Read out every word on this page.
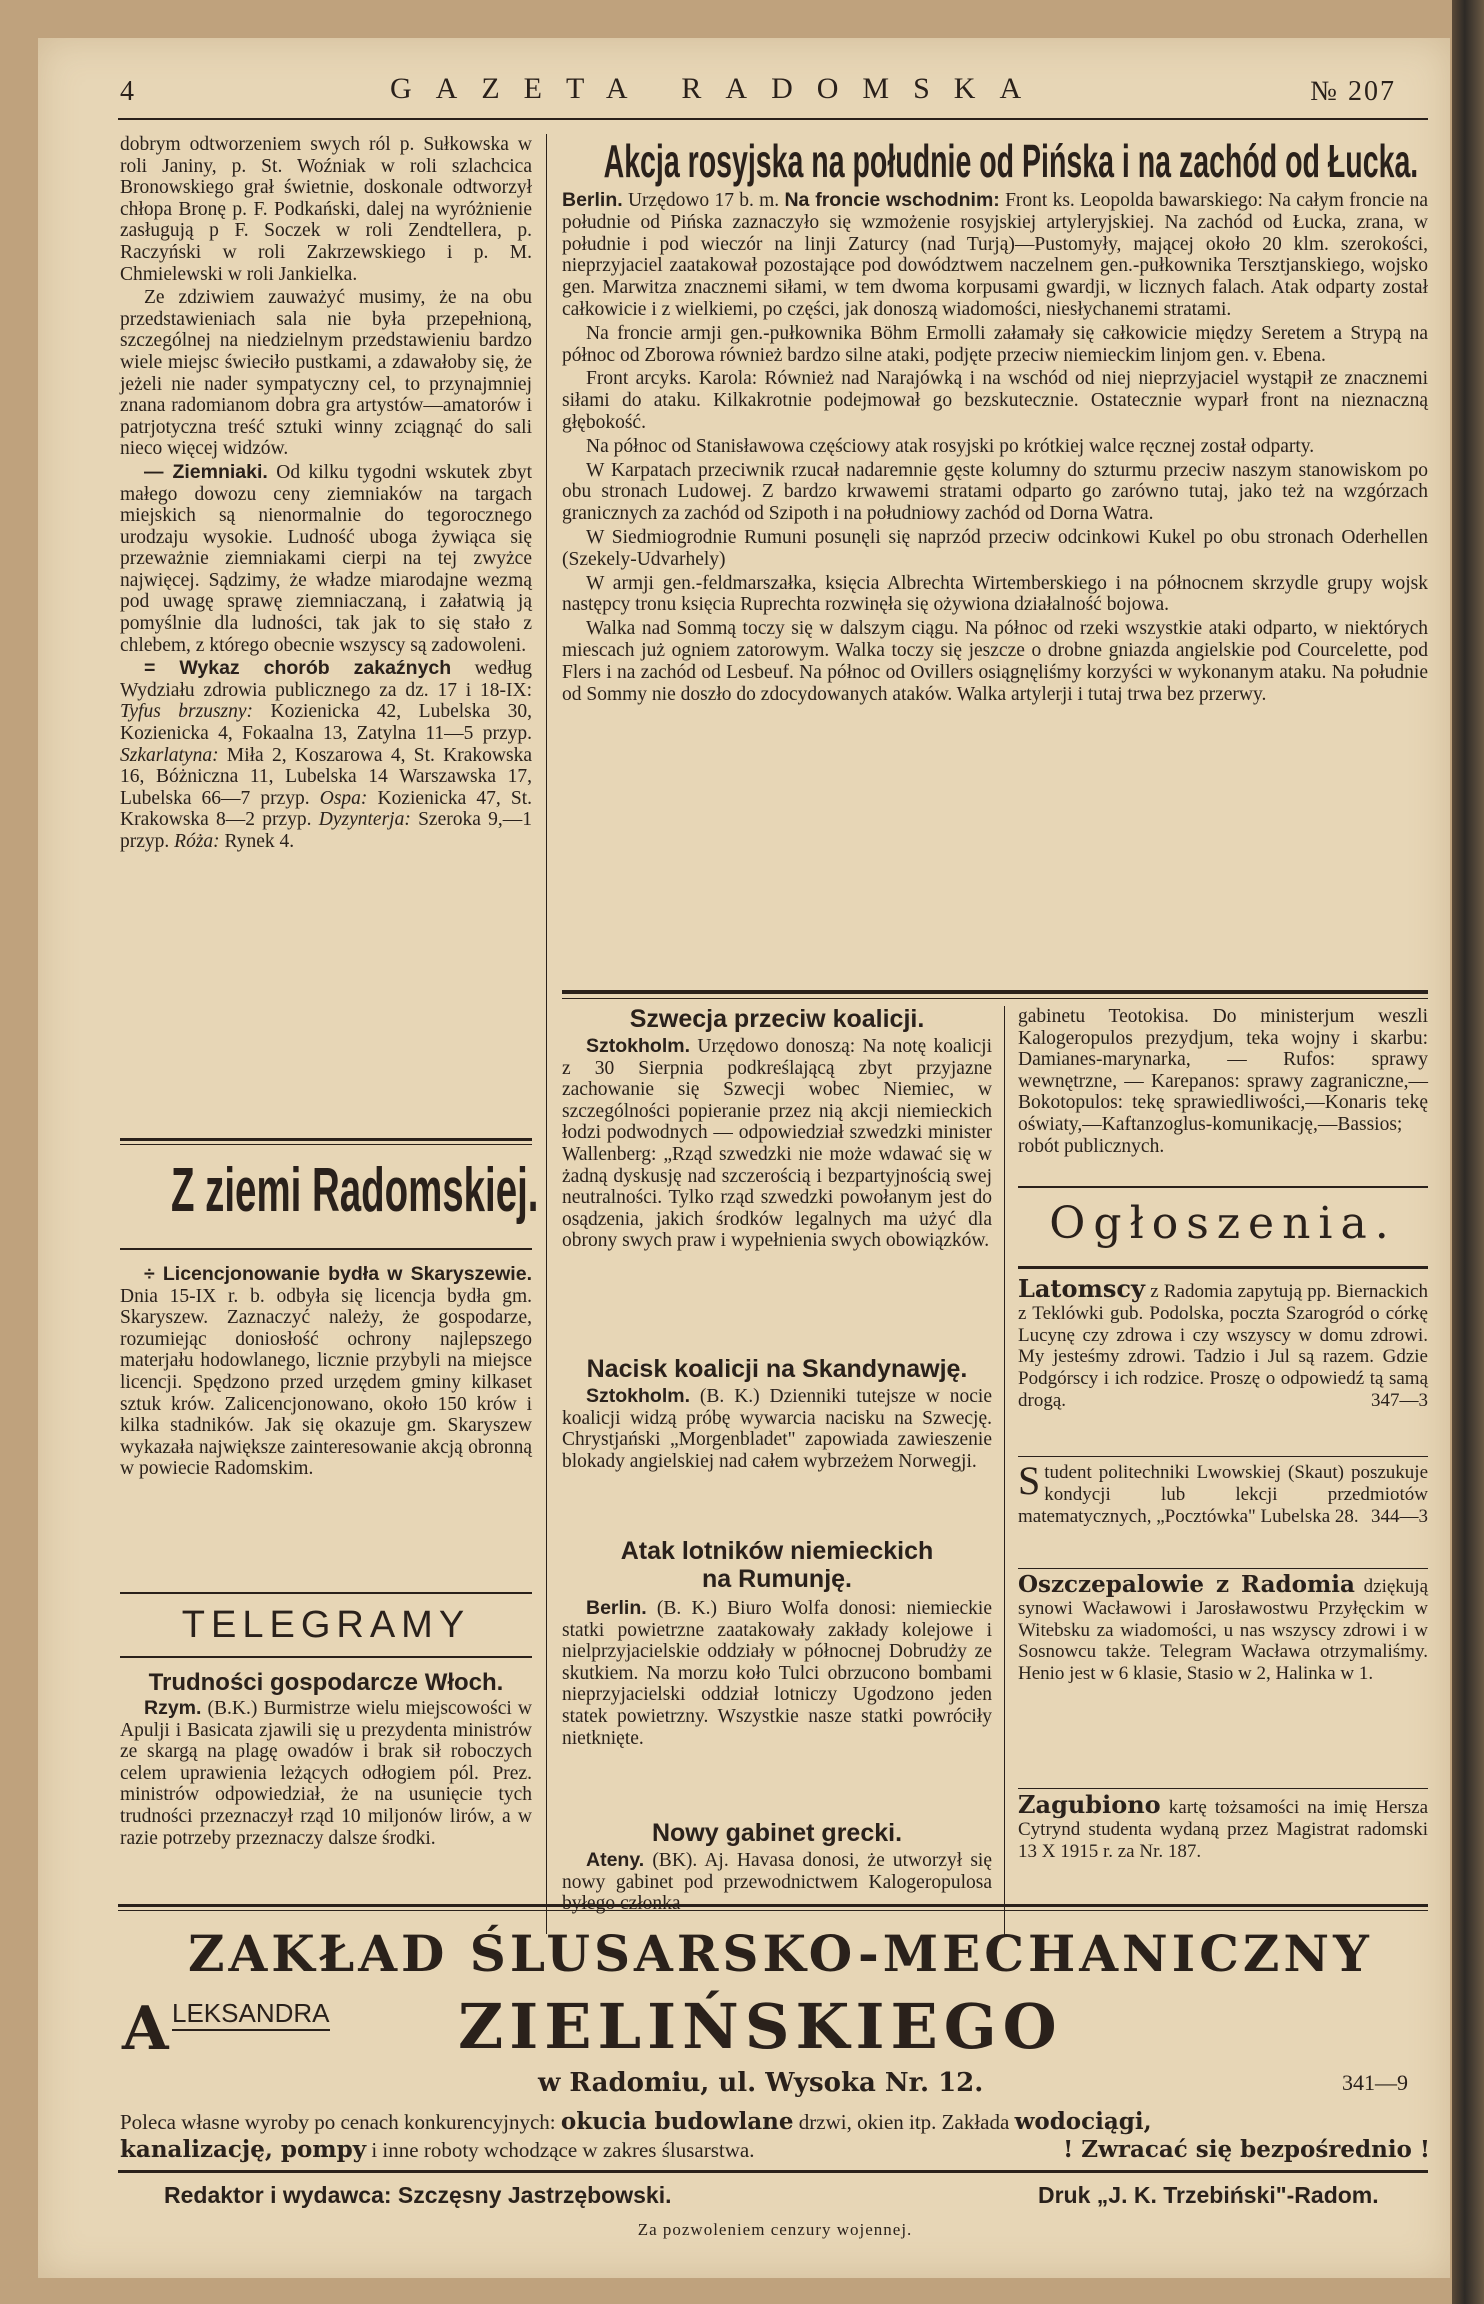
4	GAZETA RADOMSKA	№ 207

dobrym odtworzeniem swych ról p. Sułkowska w roli Janiny, p. St. Woźniak w roli szlachcica Bronowskiego grał świetnie, doskonale odtworzył chłopa Bronę p. F. Podkański, dalej na wyróżnienie zasługują p F. Soczek w roli Zendtellera, p. Raczyński w roli Zakrzewskiego i p. M. Chmielewski w roli Jankielka.

Ze zdziwiem zauważyć musimy, że na obu przedstawieniach sala nie była przepełnioną, szczególnej na niedzielnym przedstawieniu bardzo wiele miejsc świeciło pustkami, a zdawałoby się, że jeżeli nie nader sympatyczny cel, to przynajmniej znana radomianom dobra gra artystów—amatorów i patrjotyczna treść sztuki winny zciągnąć do sali nieco więcej widzów.

— Ziemniaki. Od kilku tygodni wskutek zbyt małego dowozu ceny ziemniaków na targach miejskich są nienormalnie do tegorocznego urodzaju wysokie. Ludność uboga żywiąca się przeważnie ziemniakami cierpi na tej zwyżce najwięcej. Sądzimy, że władze miarodajne wezmą pod uwagę sprawę ziemniaczaną, i załatwią ją pomyślnie dla ludności, tak jak to się stało z chlebem, z którego obecnie wszyscy są zadowoleni.

= Wykaz chorób zakaźnych według Wydziału zdrowia publicznego za dz. 17 i 18-IX: Tyfus brzuszny: Kozienicka 42, Lubelska 30, Kozienicka 4, Fokaalna 13, Zatylna 11—5 przyp. Szkarlatyna: Miła 2, Koszarowa 4, St. Krakowska 16, Bóżniczna 11, Lubelska 14 Warszawska 17, Lubelska 66—7 przyp. Ospa: Kozienicka 47, St. Krakowska 8—2 przyp. Dyzynterja: Szeroka 9,—1 przyp. Róża: Rynek 4.

Z ziemi Radomskiej.

÷ Licencjonowanie bydła w Skaryszewie. Dnia 15-IX r. b. odbyła się licencja bydła gm. Skaryszew. Zaznaczyć należy, że gospodarze, rozumiejąc doniosłość ochrony najlepszego materjału hodowlanego, licznie przybyli na miejsce licencji. Spędzono przed urzędem gminy kilkaset sztuk krów. Zalicencjonowano, około 150 krów i kilka stadników. Jak się okazuje gm. Skaryszew wykazała największe zainteresowanie akcją obronną w powiecie Radomskim.

TELEGRAMY
Trudności gospodarcze Włoch.

Rzym. (B.K.) Burmistrze wielu miejscowości w Apulji i Basicata zjawili się u prezydenta ministrów ze skargą na plagę owadów i brak sił roboczych celem uprawienia leżących odłogiem pól. Prez. ministrów odpowiedział, że na usunięcie tych trudności przeznaczył rząd 10 miljonów lirów, a w razie potrzeby przeznaczy dalsze środki.

Akcja rosyjska na południe od Pińska i na zachód od Łucka.

Berlin. Urzędowo 17 b. m. Na froncie wschodnim: Front ks. Leopolda bawarskiego: Na całym froncie na południe od Pińska zaznaczyło się wzmożenie rosyjskiej artyleryjskiej. Na zachód od Łucka, zrana, w południe i pod wieczór na linji Zaturcy (nad Turją)—Pustomyły, mającej około 20 klm. szerokości, nieprzyjaciel zaatakował pozostające pod dowództwem naczelnem gen.-pułkownika Tersztjanskiego, wojsko gen. Marwitza znacznemi siłami, w tem dwoma korpusami gwardji, w licznych falach. Atak odparty został całkowicie i z wielkiemi, po części, jak donoszą wiadomości, niesłychanemi stratami.

Na froncie armji gen.-pułkownika Böhm Ermolli załamały się całkowicie między Seretem a Strypą na północ od Zborowa również bardzo silne ataki, podjęte przeciw niemieckim linjom gen. v. Ebena.

Front arcyks. Karola: Również nad Narajówką i na wschód od niej nieprzyjaciel wystąpił ze znacznemi siłami do ataku. Kilkakrotnie podejmował go bezskutecznie. Ostatecznie wyparł front na nieznaczną głębokość.

Na północ od Stanisławowa częściowy atak rosyjski po krótkiej walce ręcznej został odparty.

W Karpatach przeciwnik rzucał nadaremnie gęste kolumny do szturmu przeciw naszym stanowiskom po obu stronach Ludowej. Z bardzo krwawemi stratami odparto go zarówno tutaj, jako też na wzgórzach granicznych za zachód od Szipoth i na południowy zachód od Dorna Watra.

W Siedmiogrodnie Rumuni posunęli się naprzód przeciw odcinkowi Kukel po obu stronach Oderhellen (Szekely-Udvarhely)

W armji gen.-feldmarszałka, księcia Albrechta Wirtemberskiego i na północnem skrzydle grupy wojsk następcy tronu księcia Ruprechta rozwinęła się ożywiona działalność bojowa.

Walka nad Sommą toczy się w dalszym ciągu. Na północ od rzeki wszystkie ataki odparto, w niektórych miescach już ogniem zatorowym. Walka toczy się jeszcze o drobne gniazda angielskie pod Courcelette, pod Flers i na zachód od Lesbeuf. Na północ od Ovillers osiągnęliśmy korzyści w wykonanym ataku. Na południe od Sommy nie doszło do zdocydowanych ataków. Walka artylerji i tutaj trwa bez przerwy.

Szwecja przeciw koalicji.

Sztokholm. Urzędowo donoszą: Na notę koalicji z 30 Sierpnia podkreślającą zbyt przyjazne zachowanie się Szwecji wobec Niemiec, w szczególności popieranie przez nią akcji niemieckich łodzi podwodnych — odpowiedział szwedzki minister Wallenberg: „Rząd szwedzki nie może wdawać się w żadną dyskusję nad szczerością i bezpartyjnością swej neutralności. Tylko rząd szwedzki powołanym jest do osądzenia, jakich środków legalnych ma użyć dla obrony swych praw i wypełnienia swych obowiązków.

Nacisk koalicji na Skandynawję.

Sztokholm. (B. K.) Dzienniki tutejsze w nocie koalicji widzą próbę wywarcia nacisku na Szwecję. Chrystjański „Morgenbladet" zapowiada zawieszenie blokady angielskiej nad całem wybrzeżem Norwegji.

Atak lotników niemieckich
na Rumunję.

Berlin. (B. K.) Biuro Wolfa donosi: niemieckie statki powietrzne zaatakowały zakłady kolejowe i nielprzyjacielskie oddziały w północnej Dobrudży ze skutkiem. Na morzu koło Tulci obrzucono bombami nieprzyjacielski oddział lotniczy Ugodzono jeden statek powietrzny. Wszystkie nasze statki powróciły nietknięte.

Nowy gabinet grecki.

Ateny. (BK). Aj. Havasa donosi, że utworzył się nowy gabinet pod przewodnictwem Kalogeropulosa

gabinetu Teotokisa. Do ministerjum weszli Kalogeropulos prezydjum, teka wojny i skarbu: Damianes-marynarka, — Rufos: sprawy wewnętrzne, — Karepanos: sprawy zagraniczne,—Bokotopulos: tekę sprawiedliwości,—Konaris tekę oświaty,—Kaftanzoglus-komunikację,—Bassios; robót publicznych.

Ogłoszenia.

Latomscy z Radomia zapytują pp. Biernackich z Teklówki gub. Podolska, poczta Szarogród o córkę Lucynę czy zdrowa i czy wszyscy w domu zdrowi. My jesteśmy zdrowi. Tadzio i Jul są razem. Gdzie Podgórscy i ich rodzice. Proszę o odpowiedź tą samą drogą.	347—3

Student politechniki Lwowskiej (Skaut) poszukuje kondycji lub lekcji przedmiotów matematycznych, „Pocztówka" Lubelska 28. 344—3

Oszczepalowie z Radomia dziękują synowi Wacławowi i Jarosławostwu Przyłęckim w Witebsku za wiadomości, u nas wszyscy zdrowi i w Sosnowcu także. Telegram Wacława otrzymaliśmy. Henio jest w 6 klasie, Stasio w 2, Halinka w 1.

Zagubiono kartę tożsamości na imię Hersza Cytrynd studenta wydaną przez Magistrat radomski 13 X 1915 r. za Nr. 187.

ZAKŁAD ŚLUSARSKO-MECHANICZNY
A LEKSANDRA ZIELIŃSKIEGO
w Radomiu, ul. Wysoka Nr. 12.	341—9
Poleca własne wyroby po cenach konkurencyjnych: okucia budowlane drzwi, okien itp. Zakłada wodociągi,
kanalizację, pompy i inne roboty wchodzące w zakres ślusarstwa.	! Zwracać się bezpośrednio !
Redaktor i wydawca: Szczęsny Jastrzębowski.	Druk „J. K. Trzebiński"-Radom.
Za pozwoleniem cenzury wojennej.
